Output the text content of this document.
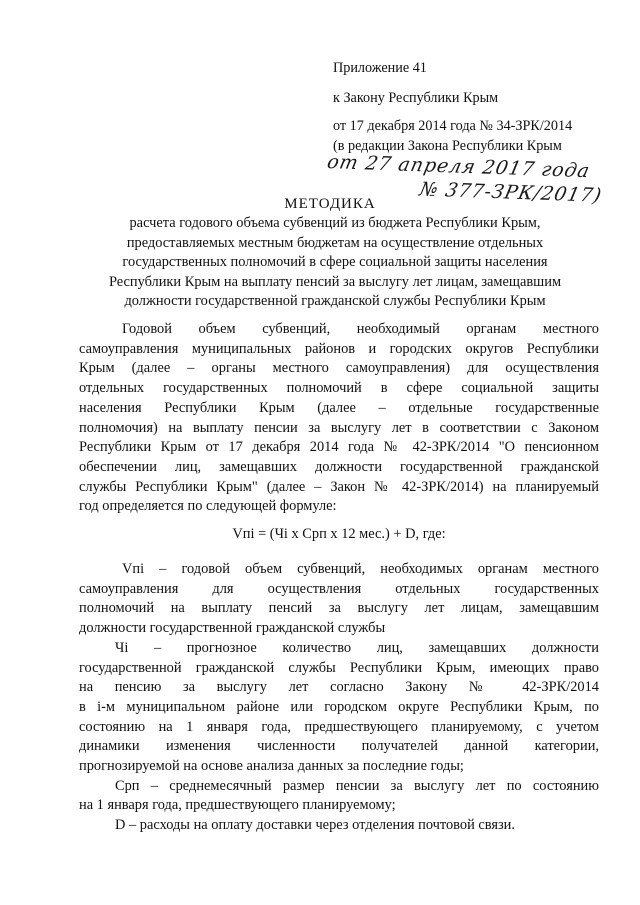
Приложение 41
к Закону Республики Крым
от 17 декабря 2014 года № 34-ЗРК/2014
(в редакции Закона Республики Крым
от 27 апреля 2017 года
№ 377-ЗРК/2017)
МЕТОДИКА
расчета годового объема субвенций из бюджета Республики Крым,
предоставляемых местным бюджетам на осуществление отдельных
государственных полномочий в сфере социальной защиты населения
Республики Крым на выплату пенсий за выслугу лет лицам, замещавшим
должности государственной гражданской службы Республики Крым
Годовой объем субвенций, необходимый органам местного
самоуправления муниципальных районов и городских округов Республики
Крым (далее – органы местного самоуправления) для осуществления
отдельных государственных полномочий в сфере социальной защиты
населения Республики Крым (далее – отдельные государственные
полномочия) на выплату пенсии за выслугу лет в соответствии с Законом
Республики Крым от 17 декабря 2014 года № 42-ЗРК/2014 "О пенсионном
обеспечении лиц, замещавших должности государственной гражданской
службы Республики Крым" (далее – Закон № 42-ЗРК/2014) на планируемый
год определяется по следующей формуле:
Vпi = (Чi x Срп x 12 мес.) + D, где:
Vпi – годовой объем субвенций, необходимых органам местного
самоуправления для осуществления отдельных государственных
полномочий на выплату пенсий за выслугу лет лицам, замещавшим
должности государственной гражданской службы
Чi – прогнозное количество лиц, замещавших должности
государственной гражданской службы Республики Крым, имеющих право
на пенсию за выслугу лет согласно Закону № 42-ЗРК/2014
в i-м муниципальном районе или городском округе Республики Крым, по
состоянию на 1 января года, предшествующего планируемому, с учетом
динамики изменения численности получателей данной категории,
прогнозируемой на основе анализа данных за последние годы;
Срп – среднемесячный размер пенсии за выслугу лет по состоянию
на 1 января года, предшествующего планируемому;
D – расходы на оплату доставки через отделения почтовой связи.
